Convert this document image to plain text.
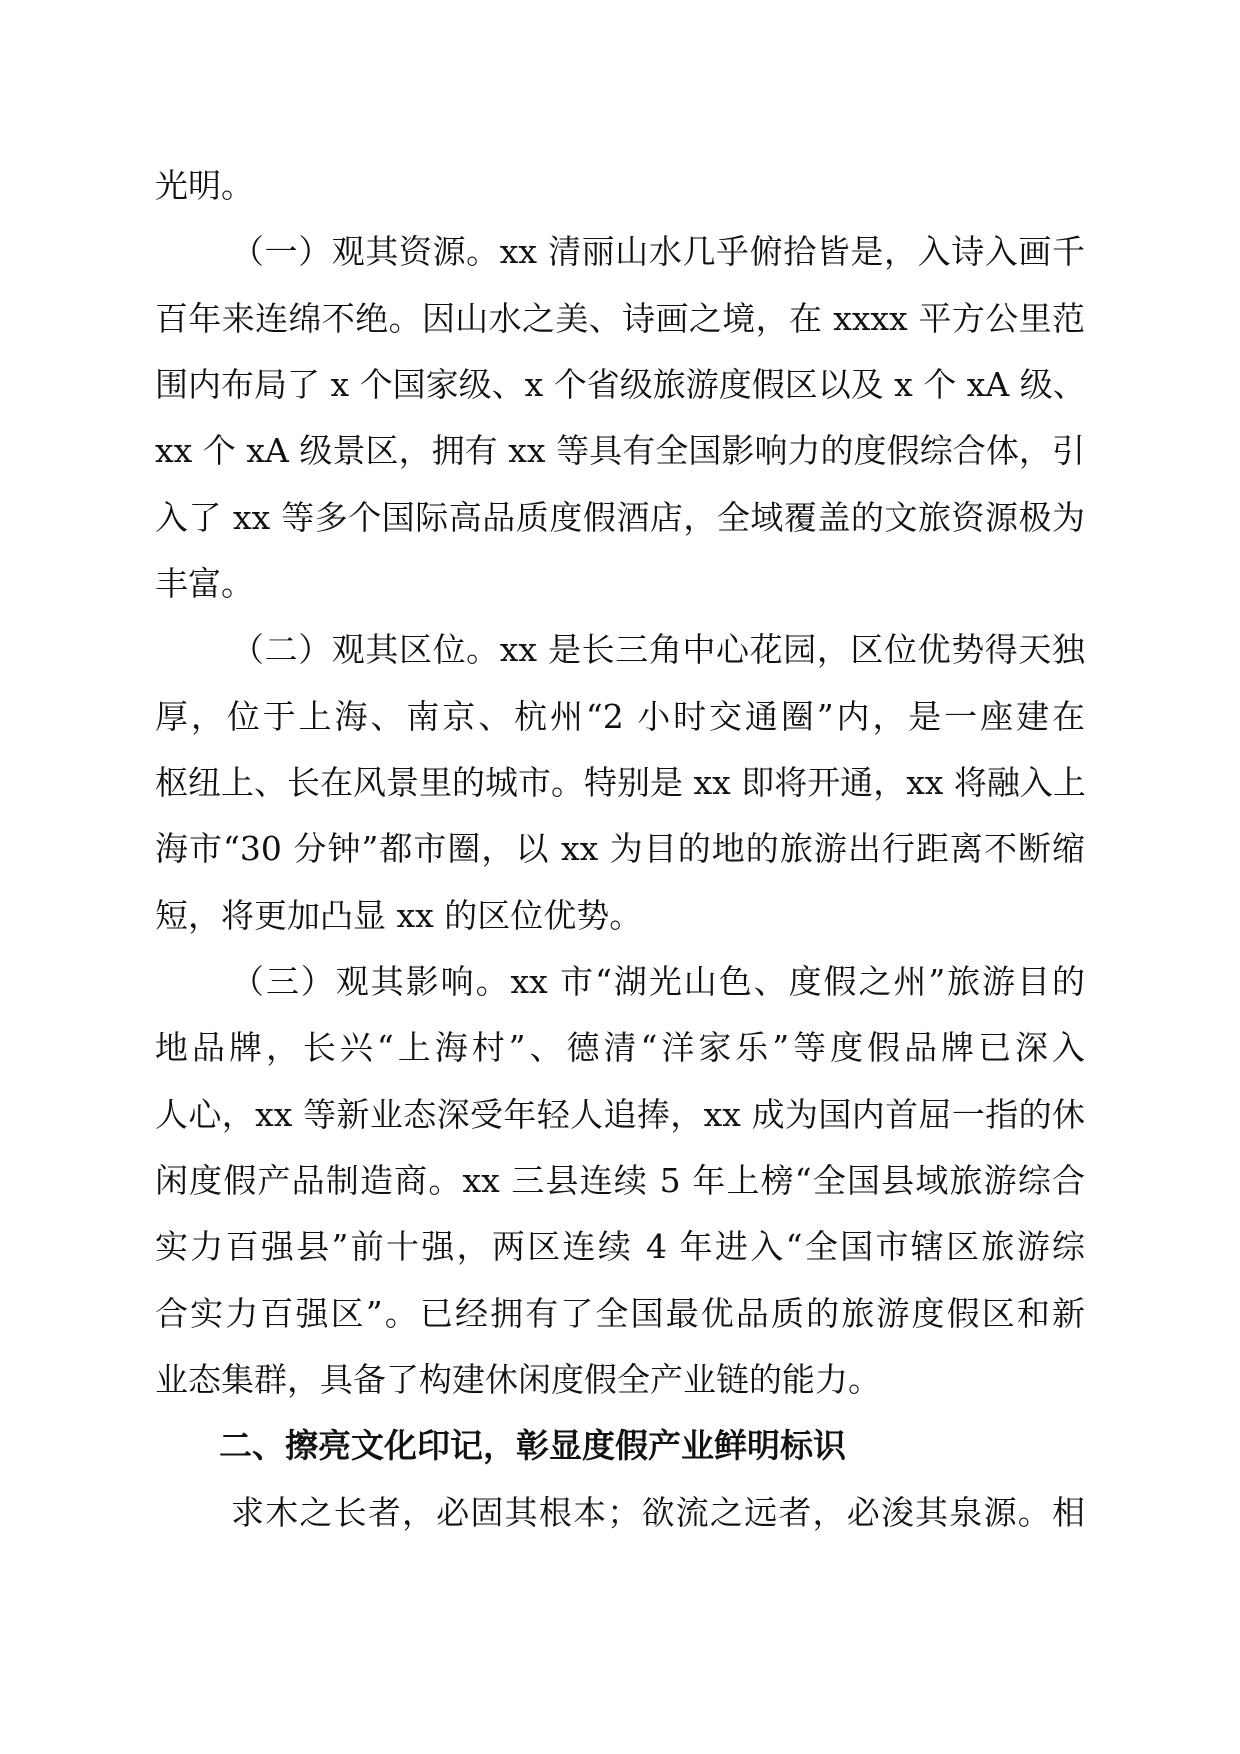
光明。
（一）观其资源。xx 清丽山水几乎俯拾皆是，入诗入画千
百年来连绵不绝。因山水之美、诗画之境，在 xxxx 平方公里范
围内布局了 x 个国家级、x 个省级旅游度假区以及 x 个 xA 级、
xx 个 xA 级景区，拥有 xx 等具有全国影响力的度假综合体，引
入了 xx 等多个国际高品质度假酒店，全域覆盖的文旅资源极为
丰富。
（二）观其区位。xx 是长三角中心花园，区位优势得天独
厚，位于上海、南京、杭州“2 小时交通圈”内，是一座建在
枢纽上、长在风景里的城市。特别是 xx 即将开通，xx 将融入上
海市“30 分钟”都市圈，以 xx 为目的地的旅游出行距离不断缩
短，将更加凸显 xx 的区位优势。
（三）观其影响。xx 市“湖光山色、度假之州”旅游目的
地品牌，长兴“上海村”、德清“洋家乐”等度假品牌已深入
人心，xx 等新业态深受年轻人追捧，xx 成为国内首屈一指的休
闲度假产品制造商。xx 三县连续 5 年上榜“全国县域旅游综合
实力百强县”前十强，两区连续 4 年进入“全国市辖区旅游综
合实力百强区”。已经拥有了全国最优品质的旅游度假区和新
业态集群，具备了构建休闲度假全产业链的能力。
二、擦亮文化印记，彰显度假产业鲜明标识
求木之长者，必固其根本；欲流之远者，必浚其泉源。相
